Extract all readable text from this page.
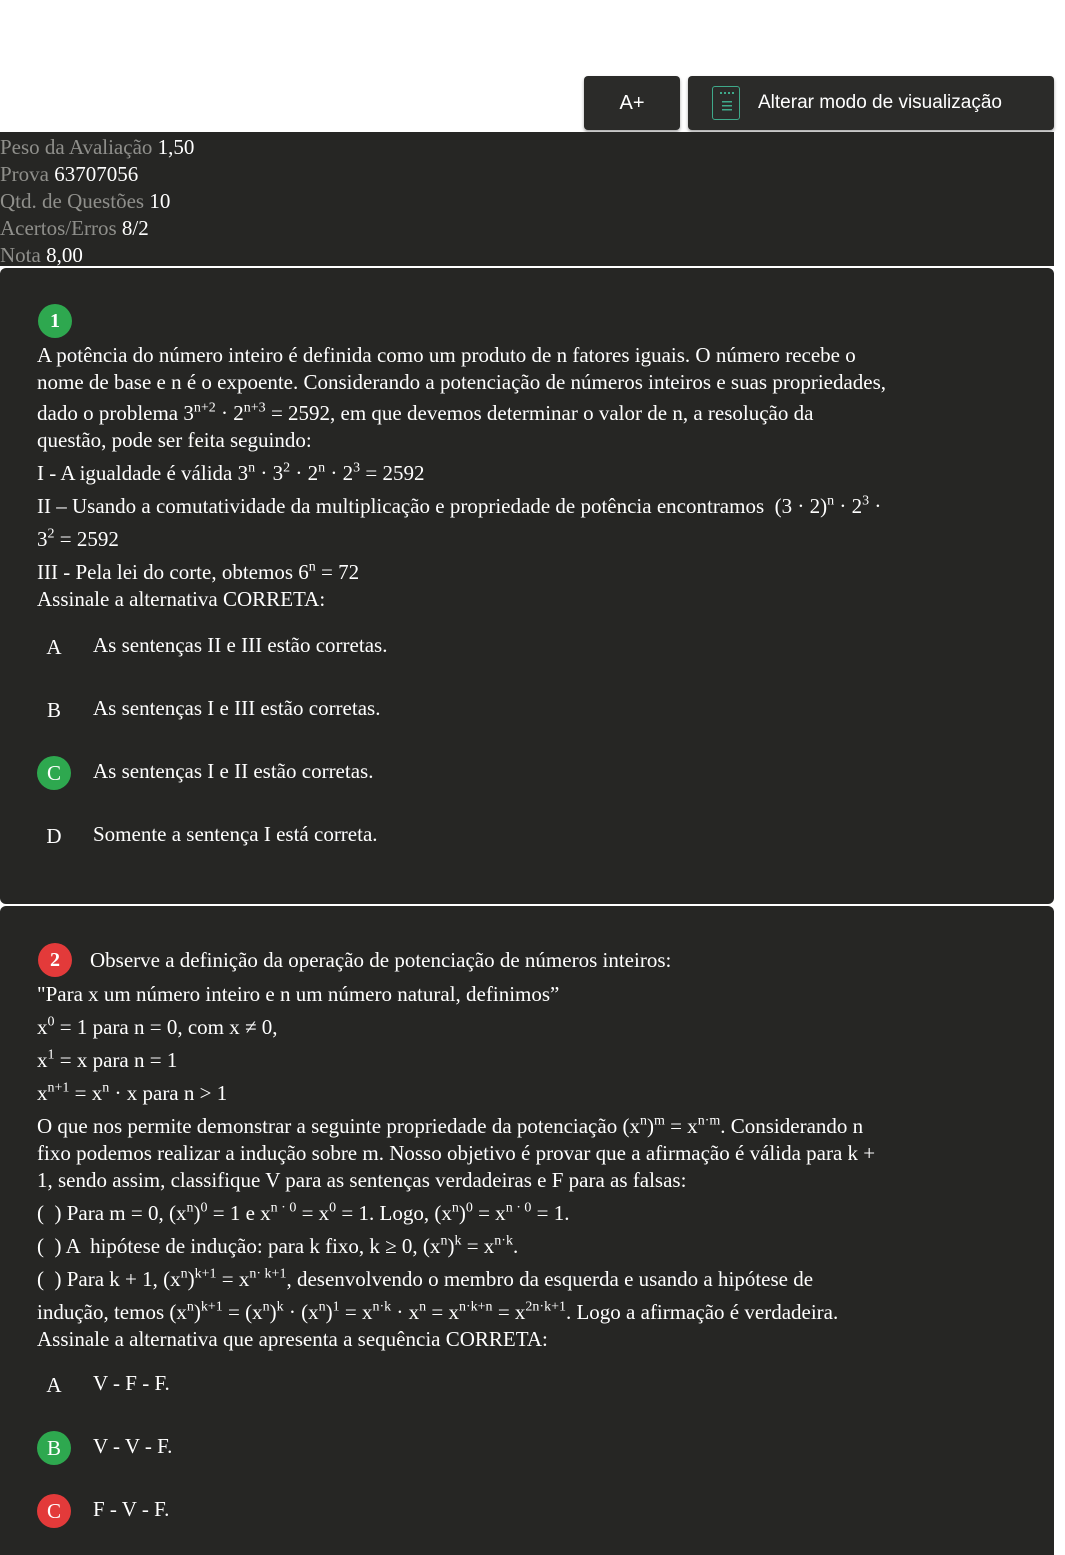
A+	Alterar modo de visualização
Peso da Avaliação 1,50
Prova 63707056
Qtd. de Questões 10
Acertos/Erros 8/2
Nota 8,00
1
A potência do número inteiro é definida como um produto de n fatores iguais. O número recebe o
nome de base e n é o expoente. Considerando a potenciação de números inteiros e suas propriedades,
dado o problema $3^{n+2} \cdot 2^{n+3} = 2592$, em que devemos determinar o valor de n, a resolução da
questão, pode ser feita seguindo:
I - A igualdade é válida $3^n \cdot 3^2 \cdot 2^n \cdot 2^3 = 2592$
II – Usando a comutatividade da multiplicação e propriedade de potência encontramos  $(3 \cdot 2)^n \cdot 2^3$ ·
$3^2 = 2592$
III - Pela lei do corte, obtemos $6^n = 72$
Assinale a alternativa CORRETA:
A	As sentenças II e III estão corretas.
B	As sentenças I e III estão corretas.
C	As sentenças I e II estão corretas.
D	Somente a sentença I está correta.
2	Observe a definição da operação de potenciação de números inteiros:
"Para x um número inteiro e n um número natural, definimos”
$x^0 = 1$ para n = 0, com x ≠ 0,
$x^1 = x$ para n = 1
$x^{n+1} = x^n \cdot x$ para n > 1
O que nos permite demonstrar a seguinte propriedade da potenciação $(x^n)^m = x^{n\cdot m}$. Considerando n
fixo podemos realizar a indução sobre m. Nosso objetivo é provar que a afirmação é válida para k +
1, sendo assim, classifique V para as sentenças verdadeiras e F para as falsas:
(  ) Para m = 0, $(x^n)^0 = 1$ e $x^{n \cdot 0} = x^0 = 1$. Logo, $(x^n)^0 = x^{n \cdot 0} = 1$.
(  ) A  hipótese de indução: para k fixo, k ≥ 0, $(x^n)^k = x^{n\cdot k}$.
(  ) Para k + 1, $(x^n)^{k+1} = x^{n\cdot k+1}$, desenvolvendo o membro da esquerda e usando a hipótese de
indução, temos $(x^n)^{k+1} = (x^n)^k \cdot (x^n)^1 = x^{n\cdot k} \cdot x^n = x^{n\cdot k+n} = x^{2n\cdot k+1}$. Logo a afirmação é verdadeira.
Assinale a alternativa que apresenta a sequência CORRETA:
A	V - F - F.
B	V - V - F.
C	F - V - F.
